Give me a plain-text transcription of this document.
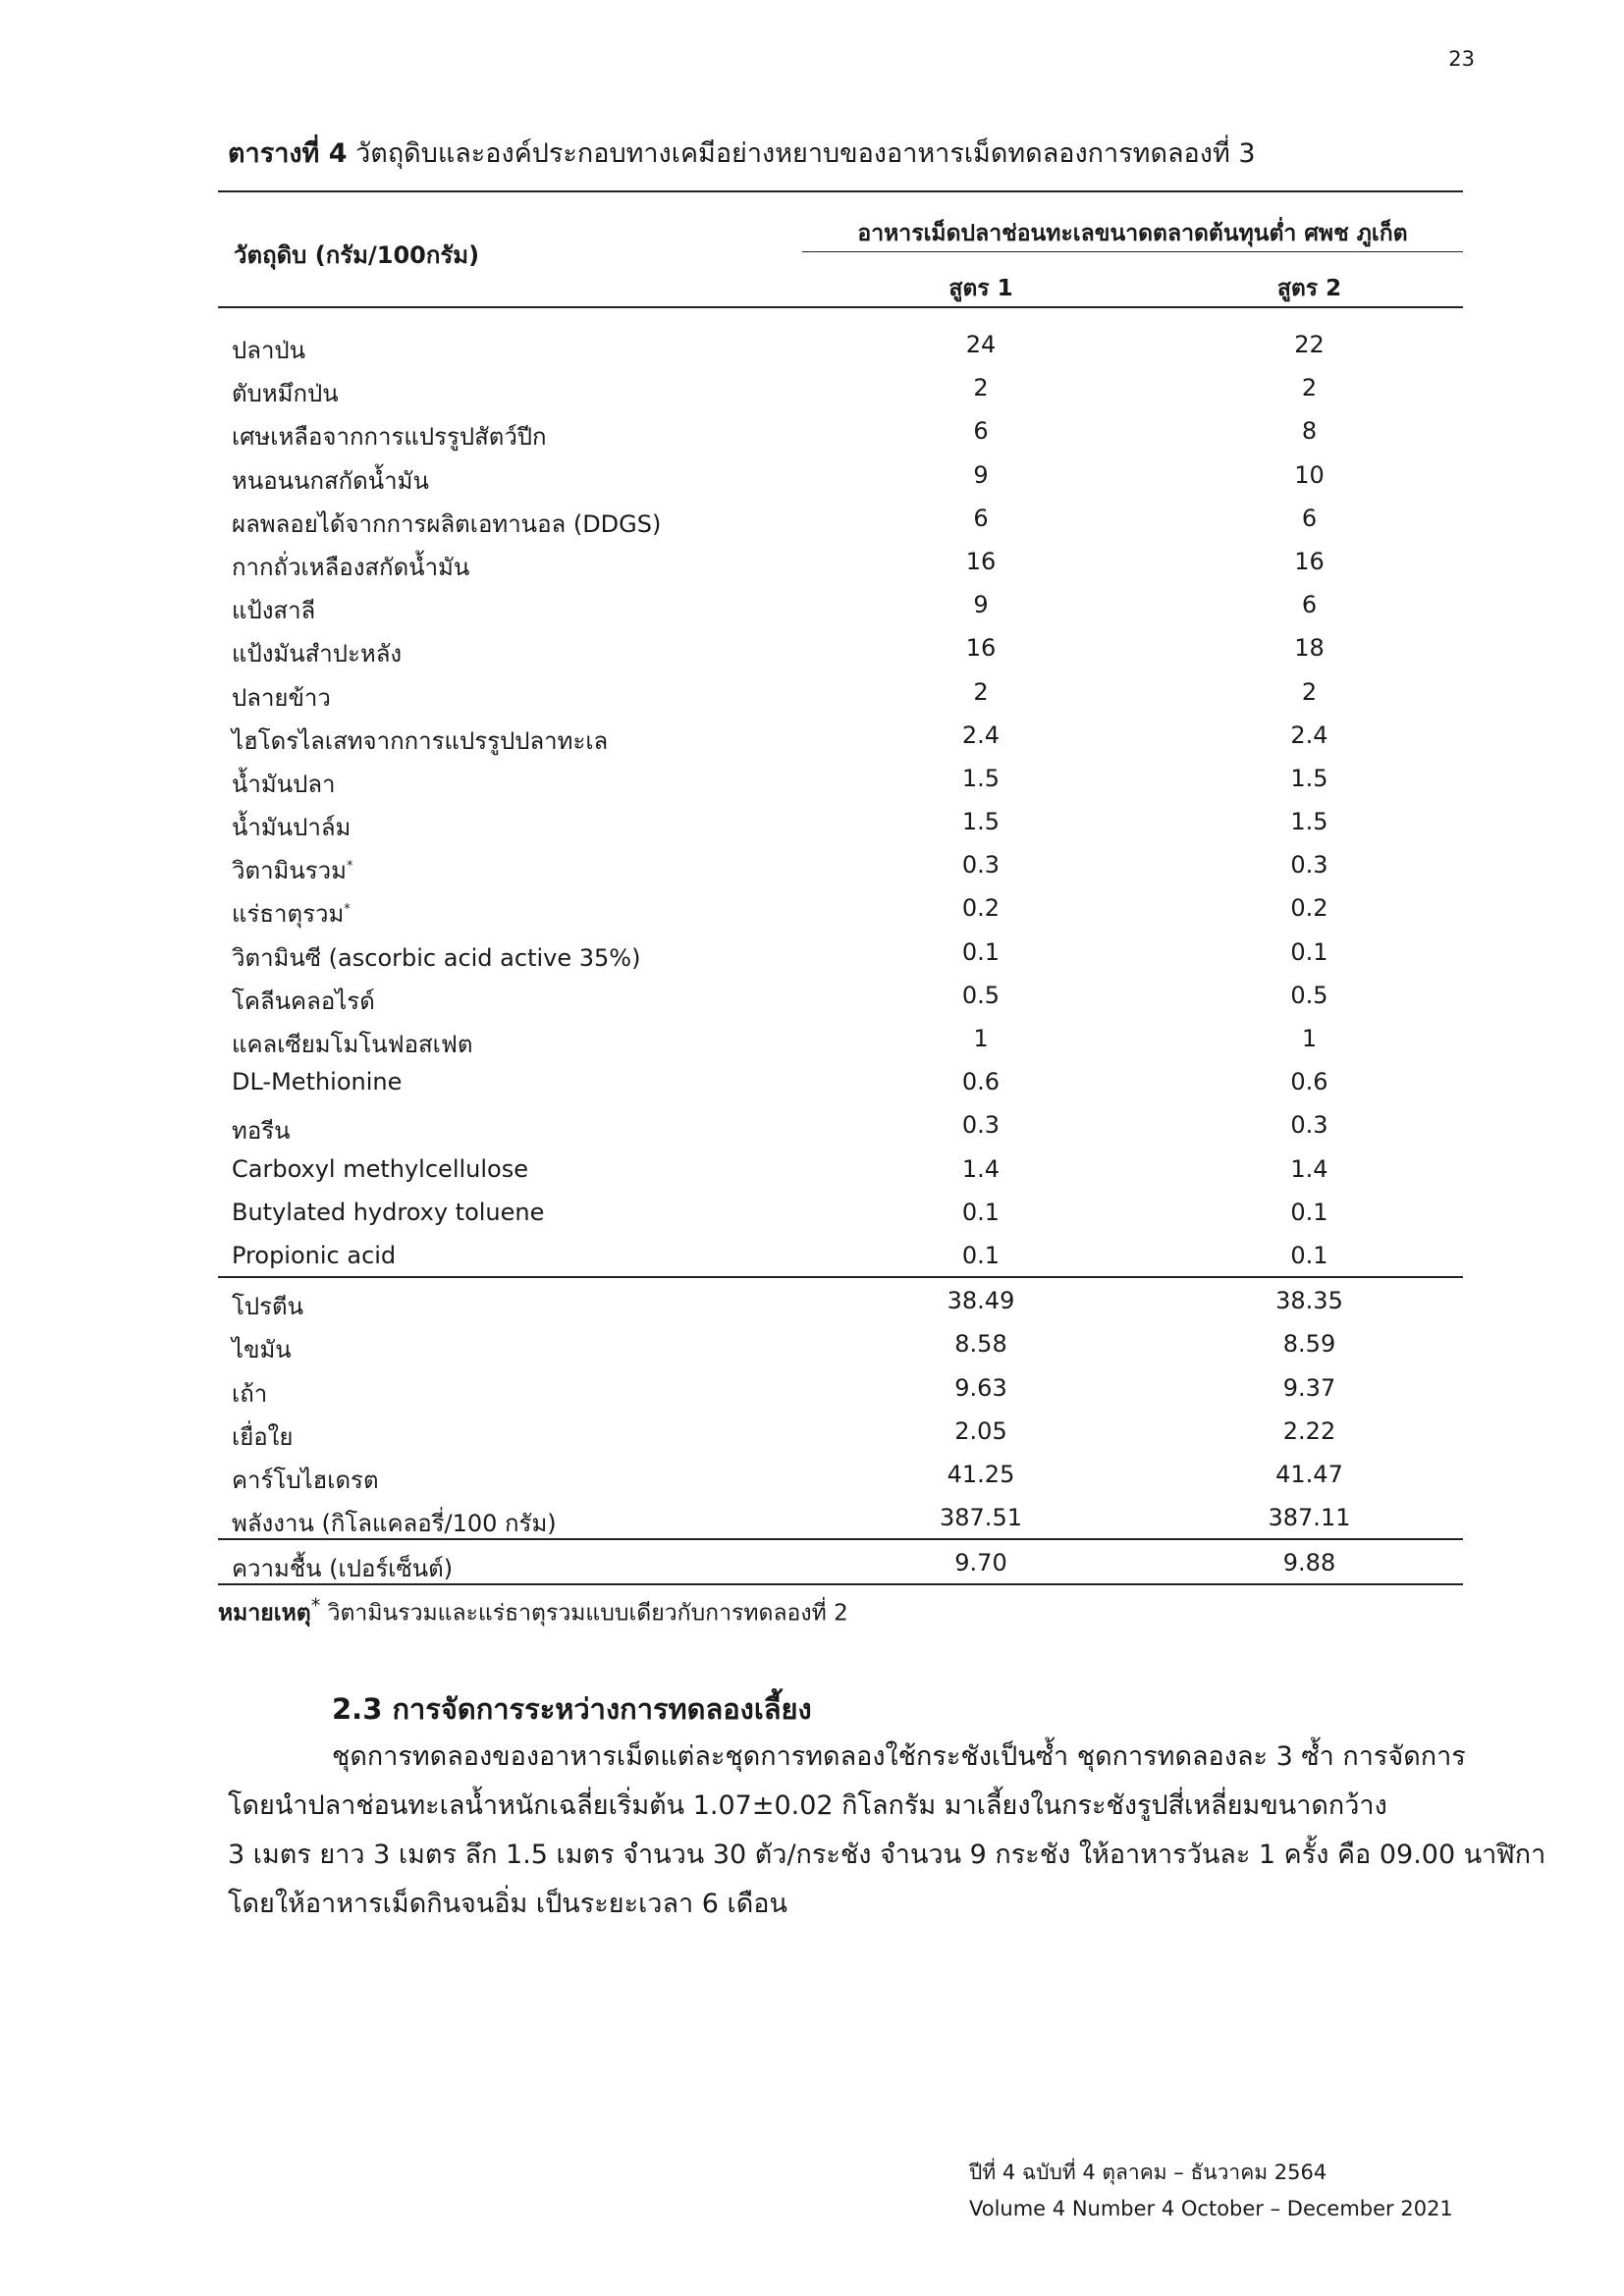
23
ตารางที่ 4 วัตถุดิบและองค์ประกอบทางเคมีอย่างหยาบของอาหารเม็ดทดลองการทดลองที่ 3
วัตถุดิบ (กรัม/100กรัม)
อาหารเม็ดปลาช่อนทะเลขนาดตลาดต้นทุนต่ำ ศพช ภูเก็ต
สูตร 1	สูตร 2
ปลาป่น	24	22
ตับหมึกป่น	2	2
เศษเหลือจากการแปรรูปสัตว์ปีก	6	8
หนอนนกสกัดน้ำมัน	9	10
ผลพลอยได้จากการผลิตเอทานอล (DDGS)	6	6
กากถั่วเหลืองสกัดน้ำมัน	16	16
แป้งสาลี	9	6
แป้งมันสำปะหลัง	16	18
ปลายข้าว	2	2
ไฮโดรไลเสทจากการแปรรูปปลาทะเล	2.4	2.4
น้ำมันปลา	1.5	1.5
น้ำมันปาล์ม	1.5	1.5
วิตามินรวม*	0.3	0.3
แร่ธาตุรวม*	0.2	0.2
วิตามินซี (ascorbic acid active 35%)	0.1	0.1
โคลีนคลอไรด์	0.5	0.5
แคลเซียมโมโนฟอสเฟต	1	1
DL-Methionine	0.6	0.6
ทอรีน	0.3	0.3
Carboxyl methylcellulose	1.4	1.4
Butylated hydroxy toluene	0.1	0.1
Propionic acid	0.1	0.1
โปรตีน	38.49	38.35
ไขมัน	8.58	8.59
เถ้า	9.63	9.37
เยื่อใย	2.05	2.22
คาร์โบไฮเดรต	41.25	41.47
พลังงาน (กิโลแคลอรี่/100 กรัม)	387.51	387.11
ความชื้น (เปอร์เซ็นต์)	9.70	9.88
หมายเหตุ* วิตามินรวมและแร่ธาตุรวมแบบเดียวกับการทดลองที่ 2
2.3 การจัดการระหว่างการทดลองเลี้ยง
ชุดการทดลองของอาหารเม็ดแต่ละชุดการทดลองใช้กระชังเป็นซ้ำ ชุดการทดลองละ 3 ซ้ำ การจัดการ
โดยนำปลาช่อนทะเลน้ำหนักเฉลี่ยเริ่มต้น 1.07±0.02 กิโลกรัม มาเลี้ยงในกระชังรูปสี่เหลี่ยมขนาดกว้าง
3 เมตร ยาว 3 เมตร ลึก 1.5 เมตร จำนวน 30 ตัว/กระชัง จำนวน 9 กระชัง ให้อาหารวันละ 1 ครั้ง คือ 09.00 นาฬิกา
โดยให้อาหารเม็ดกินจนอิ่ม เป็นระยะเวลา 6 เดือน
ปีที่ 4 ฉบับที่ 4 ตุลาคม – ธันวาคม 2564
Volume 4 Number 4 October – December 2021
